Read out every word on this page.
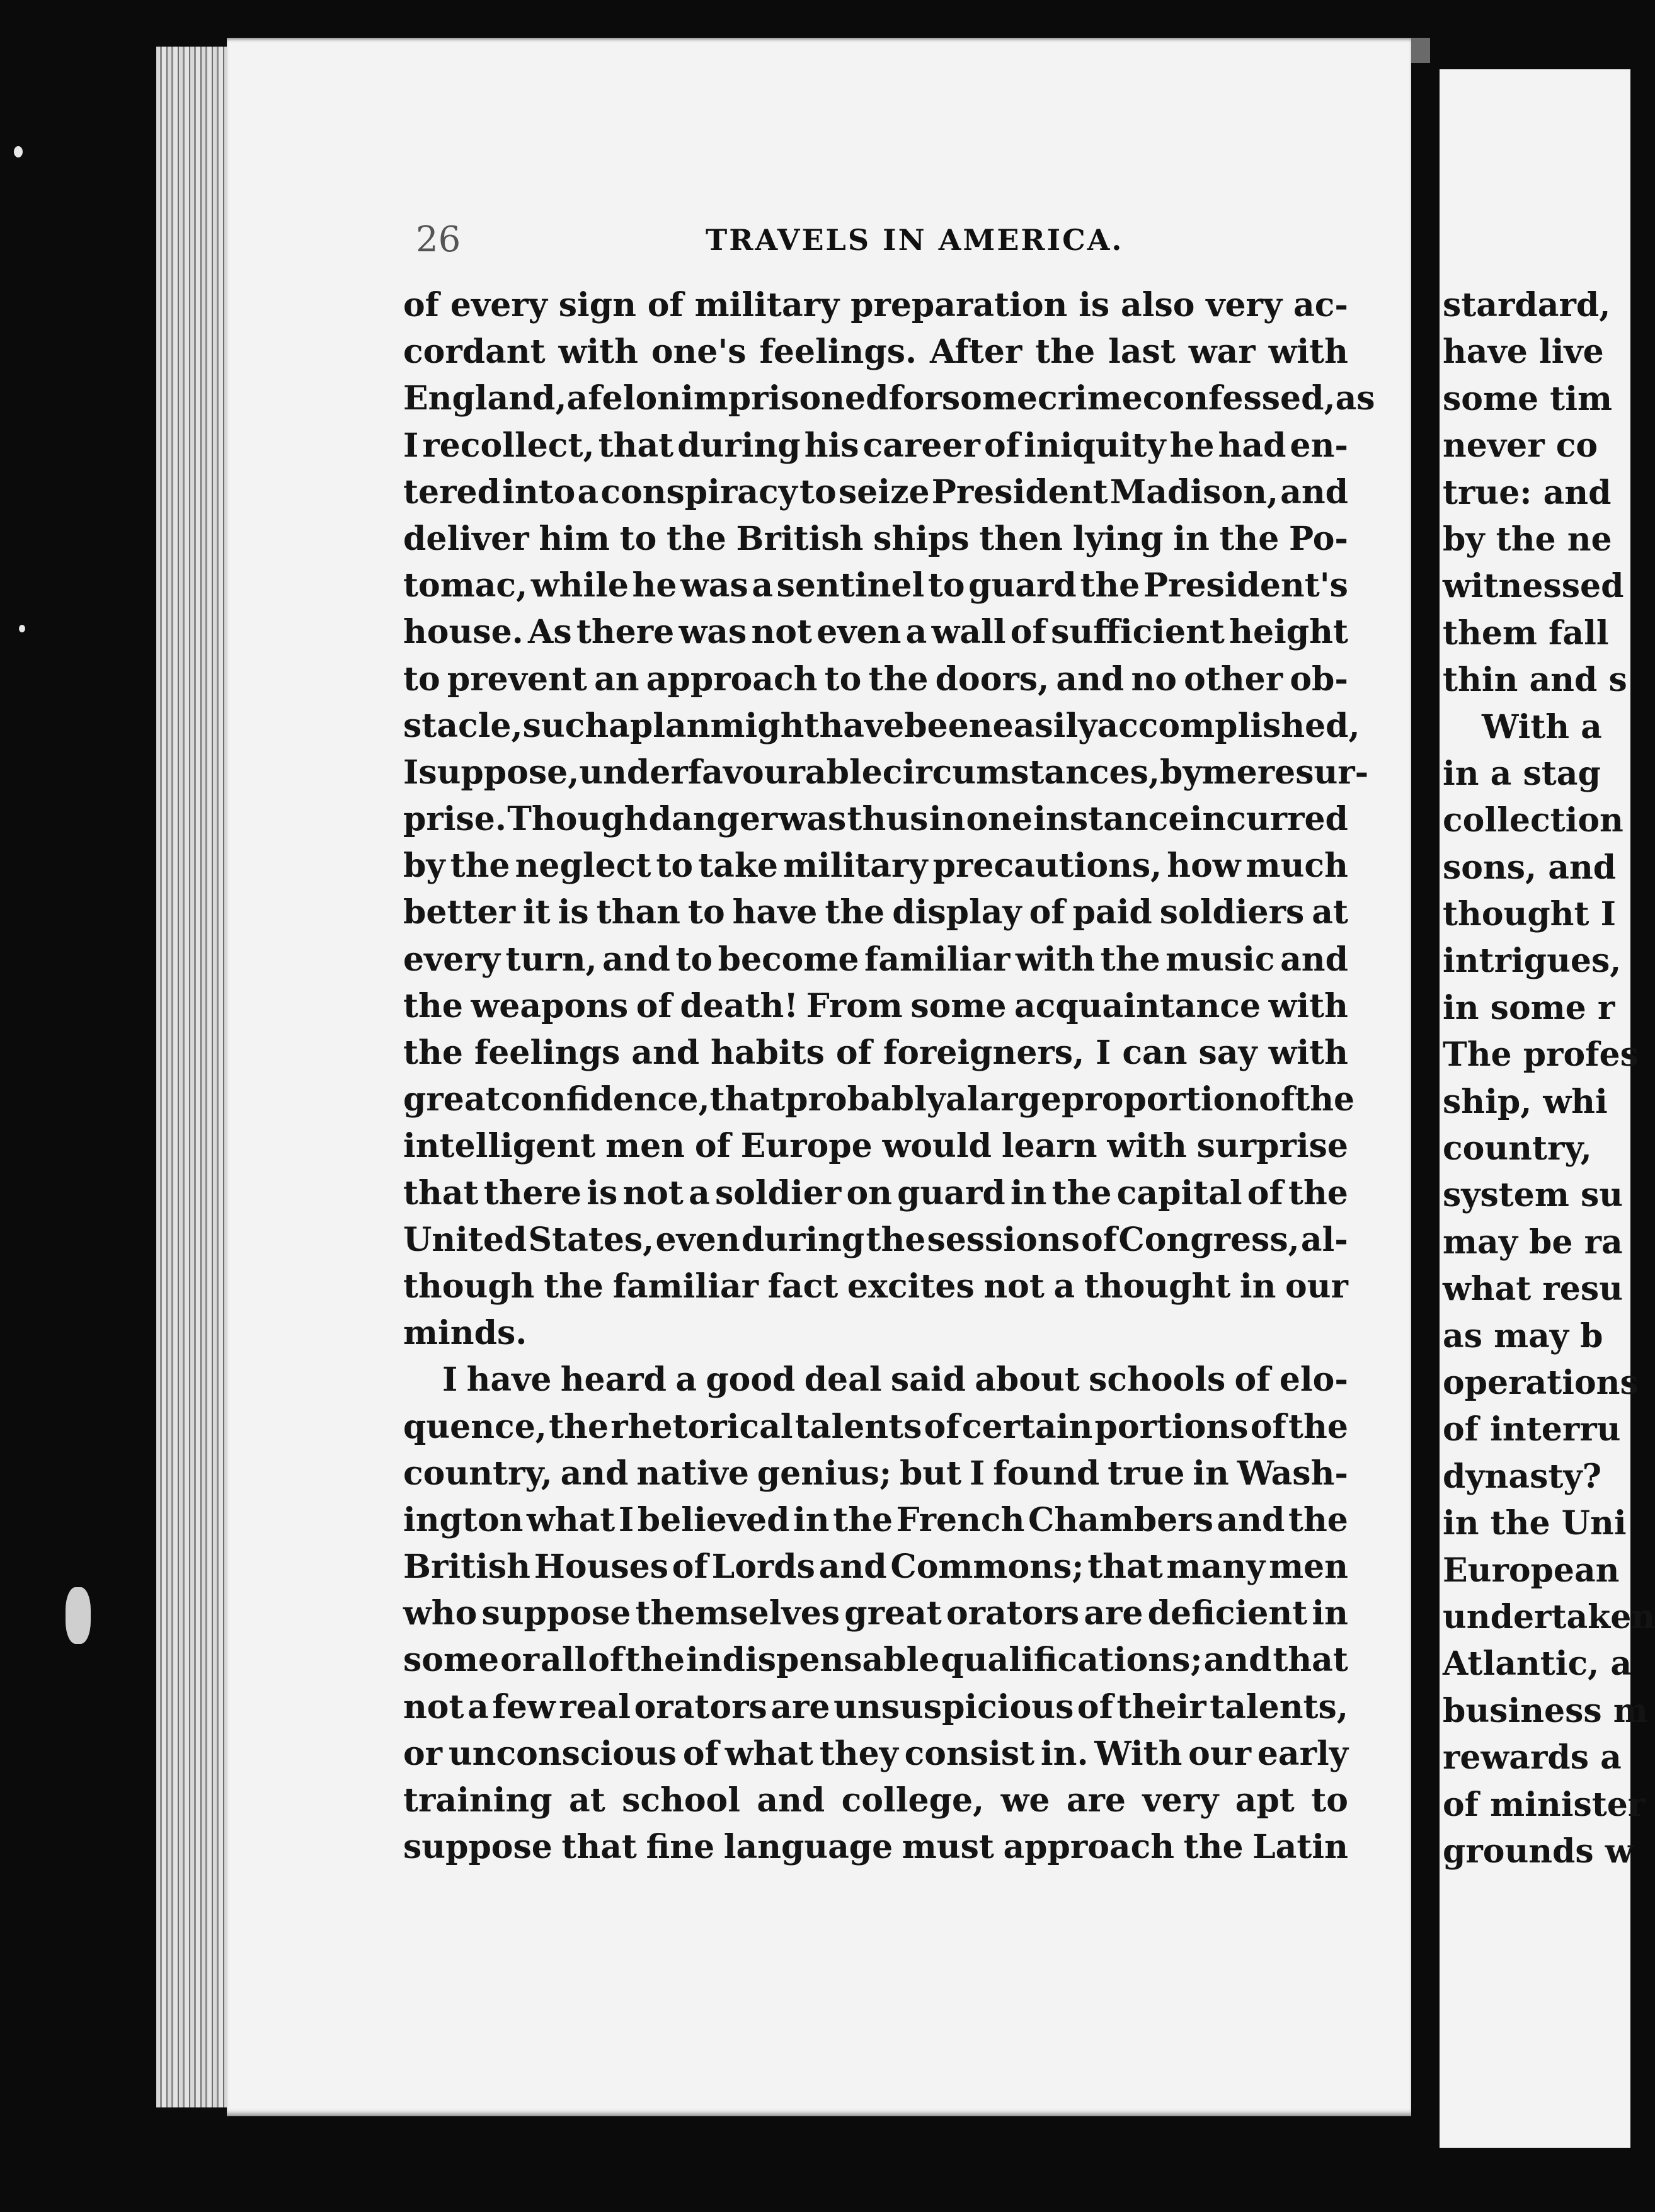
26	TRAVELS IN AMERICA.
of every sign of military preparation is also very ac-
cordant with one's feelings. After the last war with
England, a felon imprisoned for some crime confessed, as
I recollect, that during his career of iniquity he had en-
tered into a conspiracy to seize President Madison, and
deliver him to the British ships then lying in the Po-
tomac, while he was a sentinel to guard the President's
house. As there was not even a wall of sufficient height
to prevent an approach to the doors, and no other ob-
stacle, such a plan might have been easily accomplished,
I suppose, under favourable circumstances, by mere sur-
prise. Though danger was thus in one instance incurred
by the neglect to take military precautions, how much
better it is than to have the display of paid soldiers at
every turn, and to become familiar with the music and
the weapons of death! From some acquaintance with
the feelings and habits of foreigners, I can say with
great confidence, that probably a large proportion of the
intelligent men of Europe would learn with surprise
that there is not a soldier on guard in the capital of the
United States, even during the sessions of Congress, al-
though the familiar fact excites not a thought in our
minds.
I have heard a good deal said about schools of elo-
quence, the rhetorical talents of certain portions of the
country, and native genius; but I found true in Wash-
ington what I believed in the French Chambers and the
British Houses of Lords and Commons; that many men
who suppose themselves great orators are deficient in
some or all of the indispensable qualifications; and that
not a few real orators are unsuspicious of their talents,
or unconscious of what they consist in. With our early
training at school and college, we are very apt to
suppose that fine language must approach the Latin
stardard,
have live
some tim
never co
true: and
by the ne
witnessed
them fall
thin and s
With a
in a stag
collection
sons, and
thought I
intrigues,
in some r
The profes
ship, whi
country,
system su
may be ra
what resu
as may b
operations
of interru
dynasty?
in the Uni
European
undertaken
Atlantic, a
business m
rewards a
of minister
grounds w
